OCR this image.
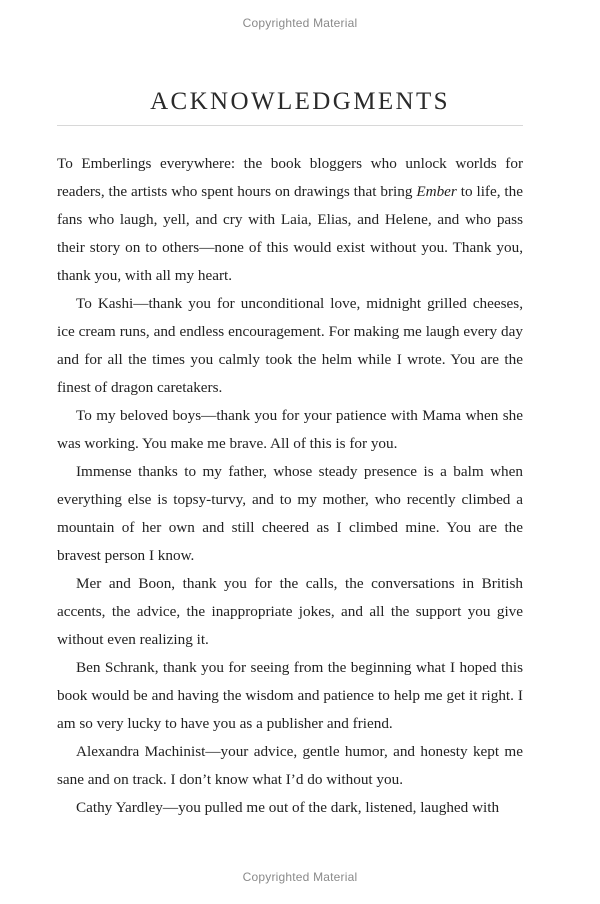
Copyrighted Material
ACKNOWLEDGMENTS

To Emberlings everywhere: the book bloggers who unlock worlds for readers, the artists who spent hours on drawings that bring Ember to life, the fans who laugh, yell, and cry with Laia, Elias, and Helene, and who pass their story on to others—none of this would exist without you. Thank you, thank you, with all my heart.

To Kashi—thank you for unconditional love, midnight grilled cheeses, ice cream runs, and endless encouragement. For making me laugh every day and for all the times you calmly took the helm while I wrote. You are the finest of dragon caretakers.

To my beloved boys—thank you for your patience with Mama when she was working. You make me brave. All of this is for you.

Immense thanks to my father, whose steady presence is a balm when everything else is topsy-turvy, and to my mother, who recently climbed a mountain of her own and still cheered as I climbed mine. You are the bravest person I know.

Mer and Boon, thank you for the calls, the conversations in British accents, the advice, the inappropriate jokes, and all the support you give without even realizing it.

Ben Schrank, thank you for seeing from the beginning what I hoped this book would be and having the wisdom and patience to help me get it right. I am so very lucky to have you as a publisher and friend.

Alexandra Machinist—your advice, gentle humor, and honesty kept me sane and on track. I don’t know what I’d do without you.

Cathy Yardley—you pulled me out of the dark, listened, laughed with

Copyrighted Material
